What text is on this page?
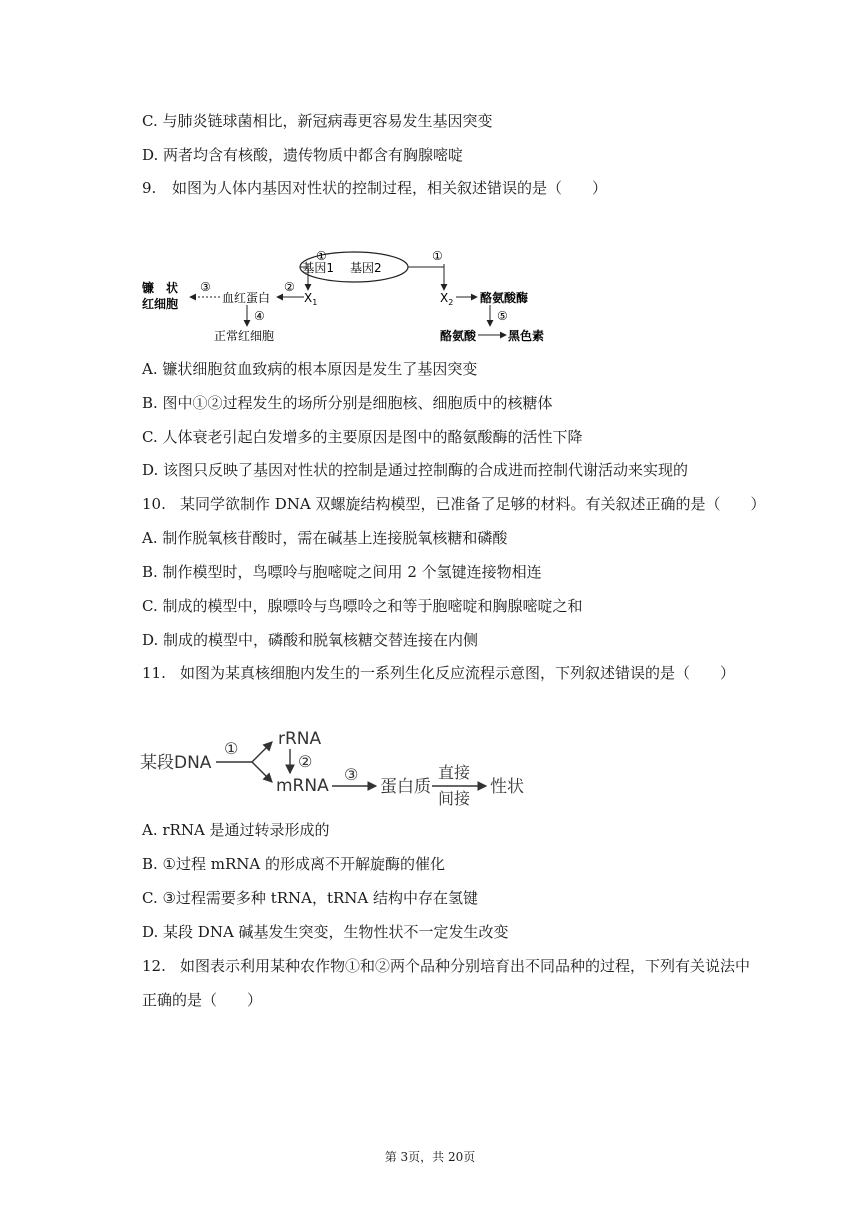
C. 与肺炎链球菌相比，新冠病毒更容易发生基因突变
D. 两者均含有核酸，遗传物质中都含有胸腺嘧啶
9. 如图为人体内基因对性状的控制过程，相关叙述错误的是（　　）
基因1 基因2
①
$X_1$
②
血红蛋白
③
镰　状
红细胞
④
正常红细胞
①
$X_2$ 酪氨酸酶
⑤
酪氨酸	黑色素
A. 镰状细胞贫血致病的根本原因是发生了基因突变
B. 图中①②过程发生的场所分别是细胞核、细胞质中的核糖体
C. 人体衰老引起白发增多的主要原因是图中的酪氨酸酶的活性下降
D. 该图只反映了基因对性状的控制是通过控制酶的合成进而控制代谢活动来实现的
10. 某同学欲制作 DNA 双螺旋结构模型，已准备了足够的材料。有关叙述正确的是（　　）
A. 制作脱氧核苷酸时，需在碱基上连接脱氧核糖和磷酸
B. 制作模型时，鸟嘌呤与胞嘧啶之间用 2 个氢键连接物相连
C. 制成的模型中，腺嘌呤与鸟嘌呤之和等于胞嘧啶和胸腺嘧啶之和
D. 制成的模型中，磷酸和脱氧核糖交替连接在内侧
11. 如图为某真核细胞内发生的一系列生化反应流程示意图，下列叙述错误的是（　　）
某段DNA
① rRNA
②
mRNA
③
蛋白质
直接
间接
性状
A. rRNA 是通过转录形成的
B. ①过程 mRNA 的形成离不开解旋酶的催化
C. ③过程需要多种 tRNA，tRNA 结构中存在氢键
D. 某段 DNA 碱基发生突变，生物性状不一定发生改变
12. 如图表示利用某种农作物①和②两个品种分别培育出不同品种的过程，下列有关说法中
正确的是（　　）
第 3页，共 20页
